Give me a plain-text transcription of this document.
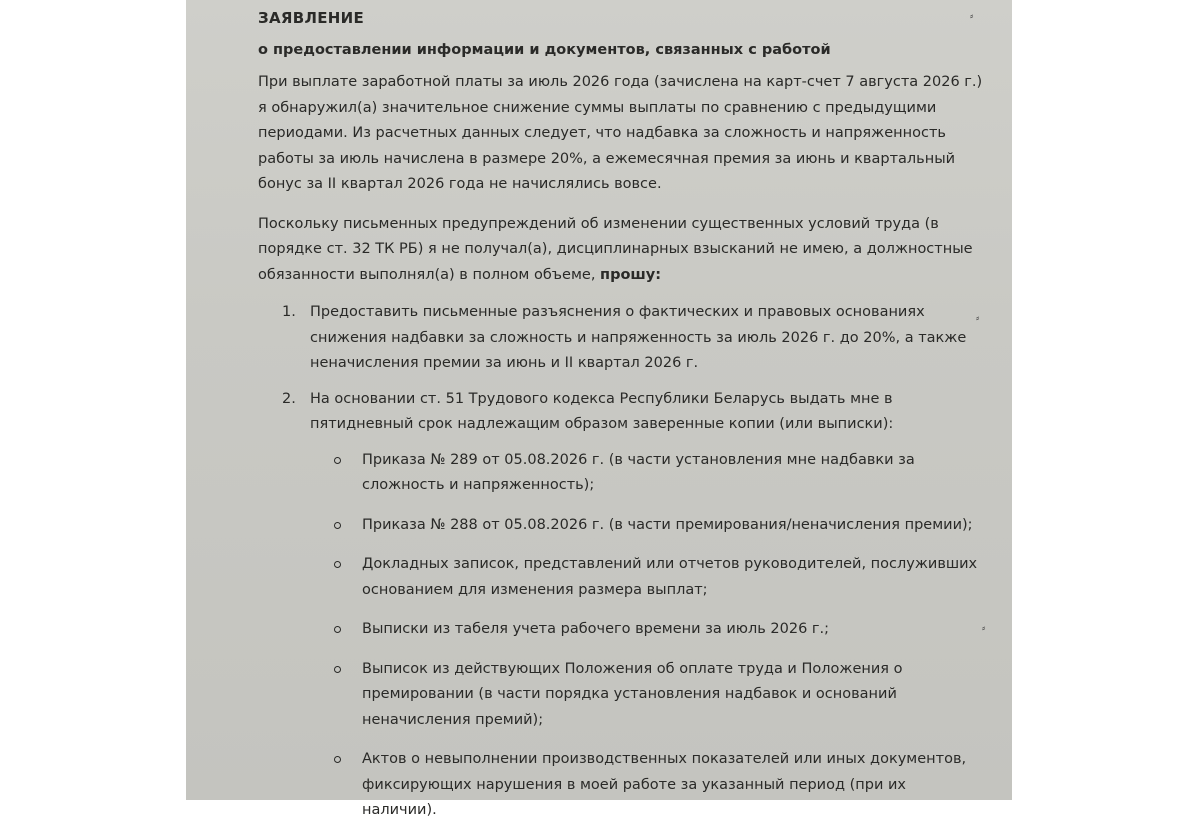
⸗
⸗
⸗
ЗАЯВЛЕНИЕ
о предоставлении информации и документов, связанных с работой
При выплате заработной платы за июль 2026 года (зачислена на карт-счет 7 августа 2026 г.)
я обнаружил(а) значительное снижение суммы выплаты по сравнению с предыдущими
периодами. Из расчетных данных следует, что надбавка за сложность и напряженность
работы за июль начислена в размере 20%, а ежемесячная премия за июнь и квартальный
бонус за II квартал 2026 года не начислялись вовсе.
Поскольку письменных предупреждений об изменении существенных условий труда (в
порядке ст. 32 ТК РБ) я не получал(а), дисциплинарных взысканий не имею, а должностные
обязанности выполнял(а) в полном объеме, прошу:
1. Предоставить письменные разъяснения о фактических и правовых основаниях
снижения надбавки за сложность и напряженность за июль 2026 г. до 20%, а также
неначисления премии за июнь и II квартал 2026 г.
2. На основании ст. 51 Трудового кодекса Республики Беларусь выдать мне в
пятидневный срок надлежащим образом заверенные копии (или выписки):
Приказа № 289 от 05.08.2026 г. (в части установления мне надбавки за
сложность и напряженность);
Приказа № 288 от 05.08.2026 г. (в части премирования/неначисления премии);
Докладных записок, представлений или отчетов руководителей, послуживших
основанием для изменения размера выплат;
Выписки из табеля учета рабочего времени за июль 2026 г.;
Выписок из действующих Положения об оплате труда и Положения о
премировании (в части порядка установления надбавок и оснований
неначисления премий);
Актов о невыполнении производственных показателей или иных документов,
фиксирующих нарушения в моей работе за указанный период (при их
наличии).
